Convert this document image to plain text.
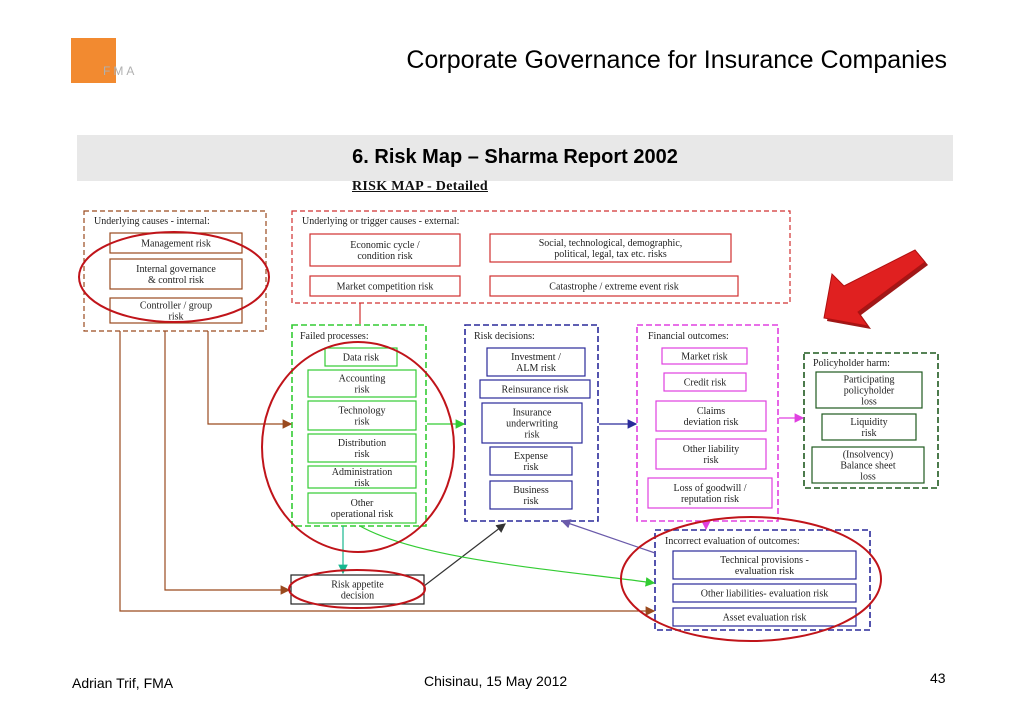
FMA	Corporate Governance for Insurance Companies
6. Risk Map – Sharma Report 2002
RISK MAP - Detailed
Underlying causes - internal:	Underlying or trigger causes - external:
Failed processes:	Risk decisions:	Financial outcomes:
Policyholder harm:
Incorrect evaluation of outcomes:
Management risk
Internal governance
& control risk
Controller / group
risk
Economic cycle /
condition risk
Social, technological, demographic,
political, legal, tax etc. risks
Market competition risk	Catastrophe / extreme event risk
Data risk
Accounting
risk
Technology
risk
Distribution
risk
Administration
risk
Other
operational risk
Investment /
ALM risk
Reinsurance risk
Insurance
underwriting
risk
Expense
risk
Business
risk
Market risk
Credit risk
Claims
deviation risk
Other liability
risk
Loss of goodwill /
reputation risk
Participating
policyholder
loss
Liquidity
risk
(Insolvency)
Balance sheet
loss
Technical provisions -
evaluation risk
Other liabilities- evaluation risk
Asset evaluation risk
Risk appetite
decision
Adrian Trif, FMA	Chisinau, 15 May 2012	43
